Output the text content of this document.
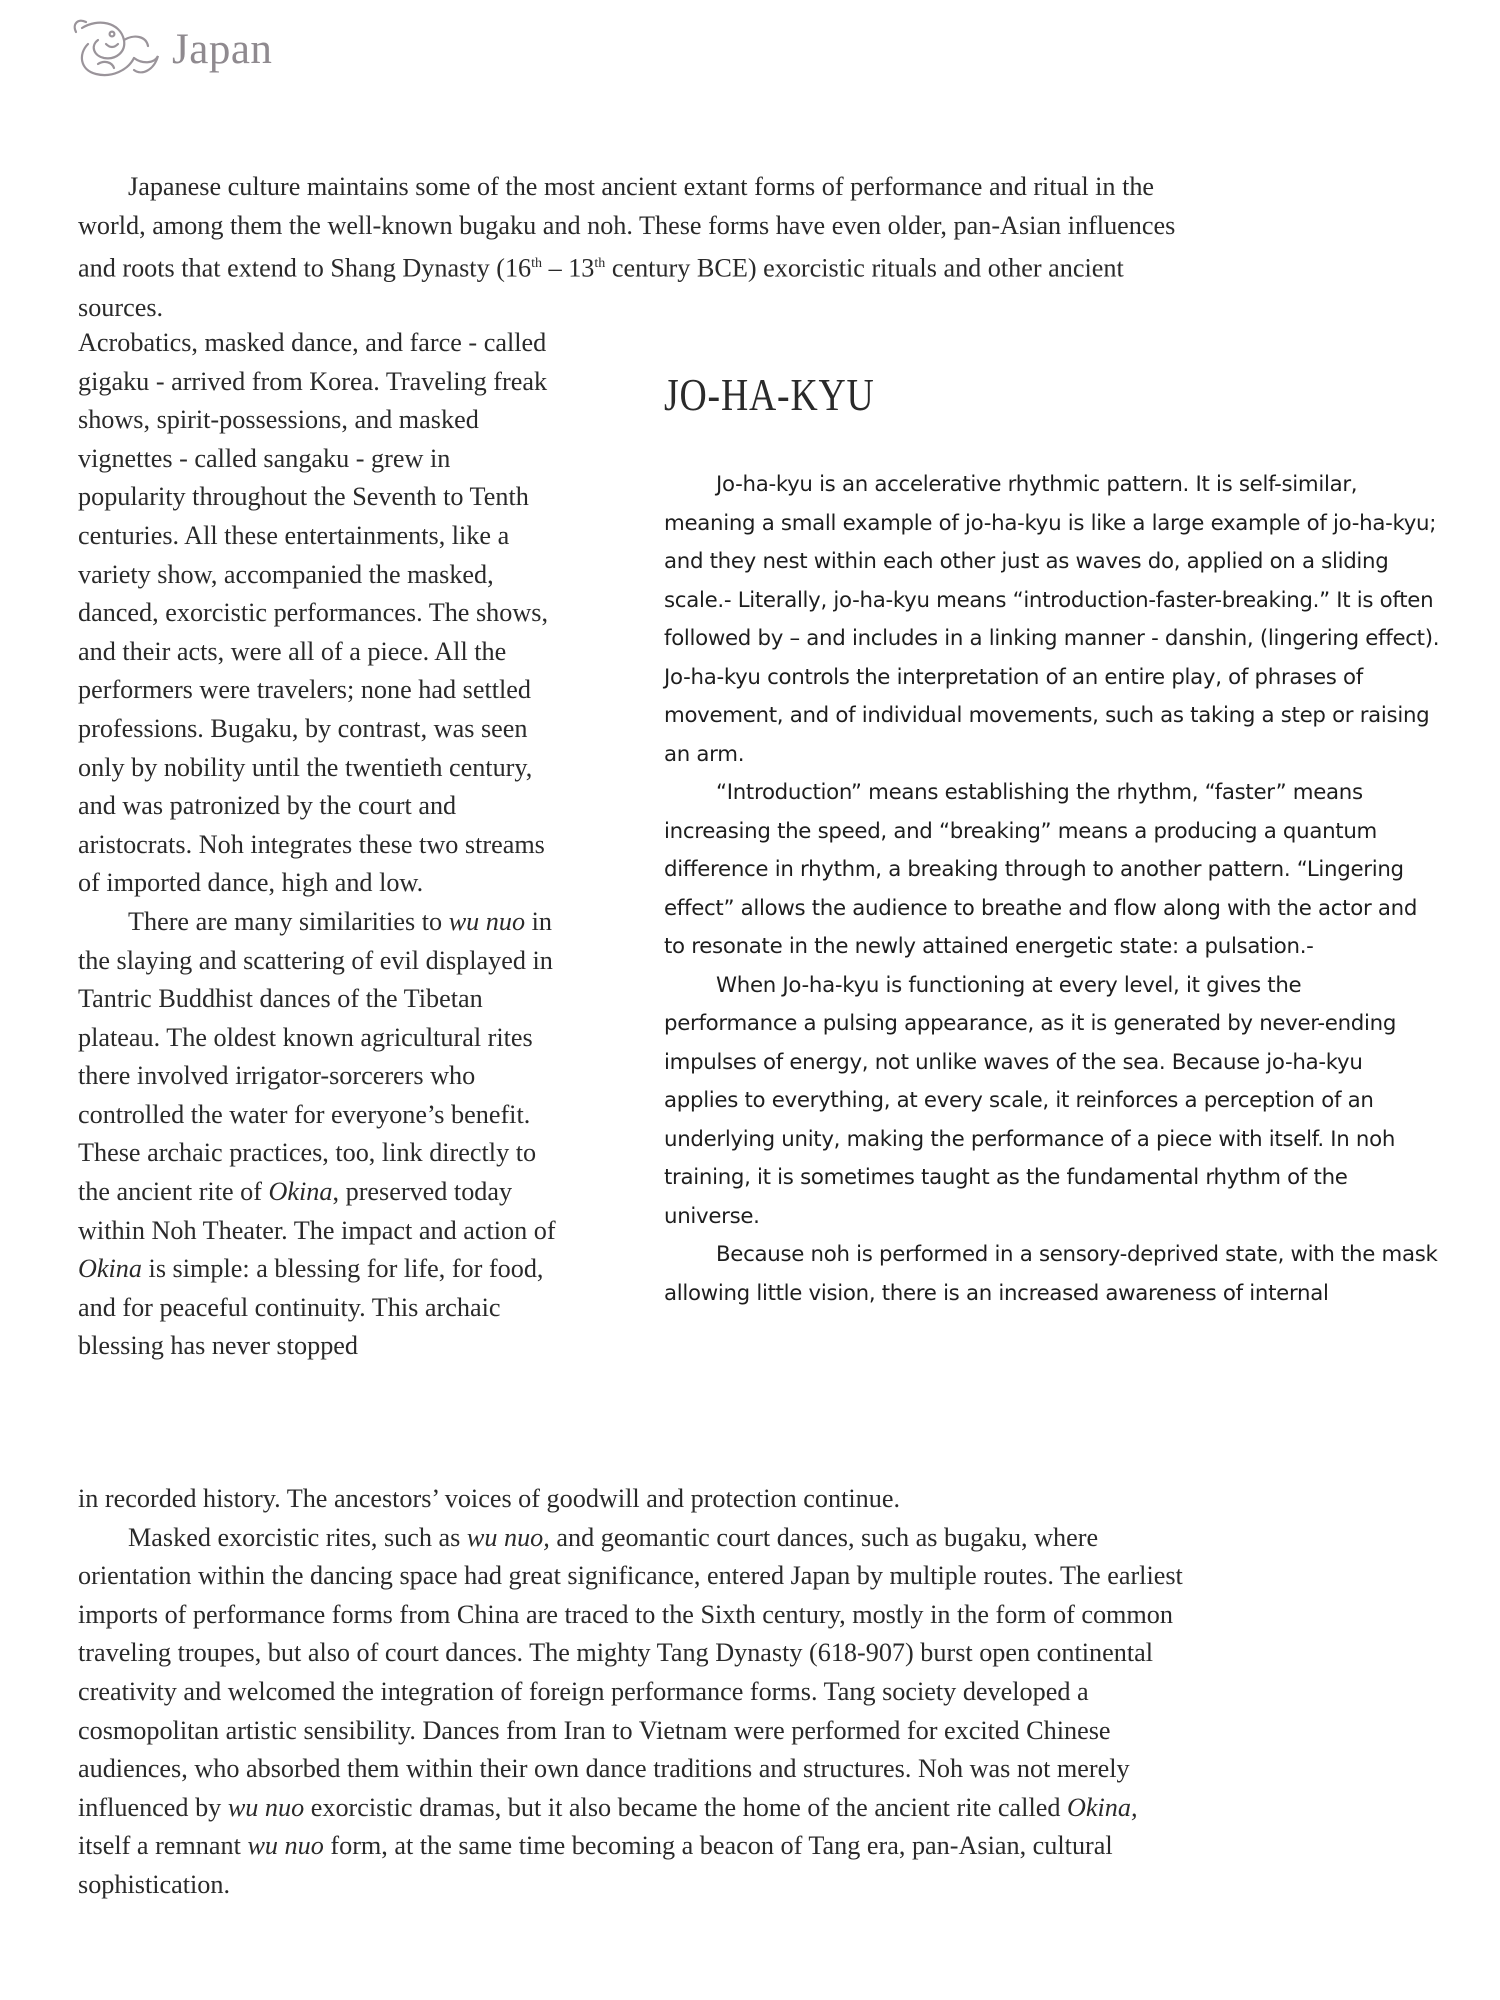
Japan

Japanese culture maintains some of the most ancient extant forms of performance and ritual in the world, among them the well-known bugaku and noh. These forms have even older, pan-Asian influences and roots that extend to Shang Dynasty (16th – 13th century BCE) exorcistic rituals and other ancient sources.

Acrobatics, masked dance, and farce - called gigaku - arrived from Korea. Traveling freak shows, spirit-possessions, and masked vignettes - called sangaku - grew in popularity throughout the Seventh to Tenth centuries. All these entertainments, like a variety show, accompanied the masked, danced, exorcistic performances. The shows, and their acts, were all of a piece. All the performers were travelers; none had settled professions. Bugaku, by contrast, was seen only by nobility until the twentieth century, and was patronized by the court and aristocrats. Noh integrates these two streams of imported dance, high and low.

There are many similarities to wu nuo in the slaying and scattering of evil displayed in Tantric Buddhist dances of the Tibetan plateau. The oldest known agricultural rites there involved irrigator-sorcerers who controlled the water for everyone’s benefit. These archaic practices, too, link directly to the ancient rite of Okina, preserved today within Noh Theater. The impact and action of Okina is simple: a blessing for life, for food, and for peaceful continuity. This archaic blessing has never stopped

in recorded history. The ancestors’ voices of goodwill and protection continue.

Masked exorcistic rites, such as wu nuo, and geomantic court dances, such as bugaku, where orientation within the dancing space had great significance, entered Japan by multiple routes. The earliest imports of performance forms from China are traced to the Sixth century, mostly in the form of common traveling troupes, but also of court dances. The mighty Tang Dynasty (618-907) burst open continental creativity and welcomed the integration of foreign performance forms. Tang society developed a cosmopolitan artistic sensibility. Dances from Iran to Vietnam were performed for excited Chinese audiences, who absorbed them within their own dance traditions and structures. Noh was not merely influenced by wu nuo exorcistic dramas, but it also became the home of the ancient rite called Okina, itself a remnant wu nuo form, at the same time becoming a beacon of Tang era, pan-Asian, cultural sophistication.

JO-HA-KYU

Jo-ha-kyu is an accelerative rhythmic pattern. It is self-similar, meaning a small example of jo-ha-kyu is like a large example of jo-ha-kyu; and they nest within each other just as waves do, applied on a sliding scale.- Literally, jo-ha-kyu means “introduction-faster-breaking.” It is often followed by – and includes in a linking manner - danshin, (lingering effect). Jo-ha-kyu controls the interpretation of an entire play, of phrases of movement, and of individual movements, such as taking a step or raising an arm.

“Introduction” means establishing the rhythm, “faster” means increasing the speed, and “breaking” means a producing a quantum difference in rhythm, a breaking through to another pattern. “Lingering effect” allows the audience to breathe and flow along with the actor and to resonate in the newly attained energetic state: a pulsation.-

When Jo-ha-kyu is functioning at every level, it gives the performance a pulsing appearance, as it is generated by never-ending impulses of energy, not unlike waves of the sea. Because jo-ha-kyu applies to everything, at every scale, it reinforces a perception of an underlying unity, making the performance of a piece with itself. In noh training, it is sometimes taught as the fundamental rhythm of the universe.

Because noh is performed in a sensory-deprived state, with the mask allowing little vision, there is an increased awareness of internal
